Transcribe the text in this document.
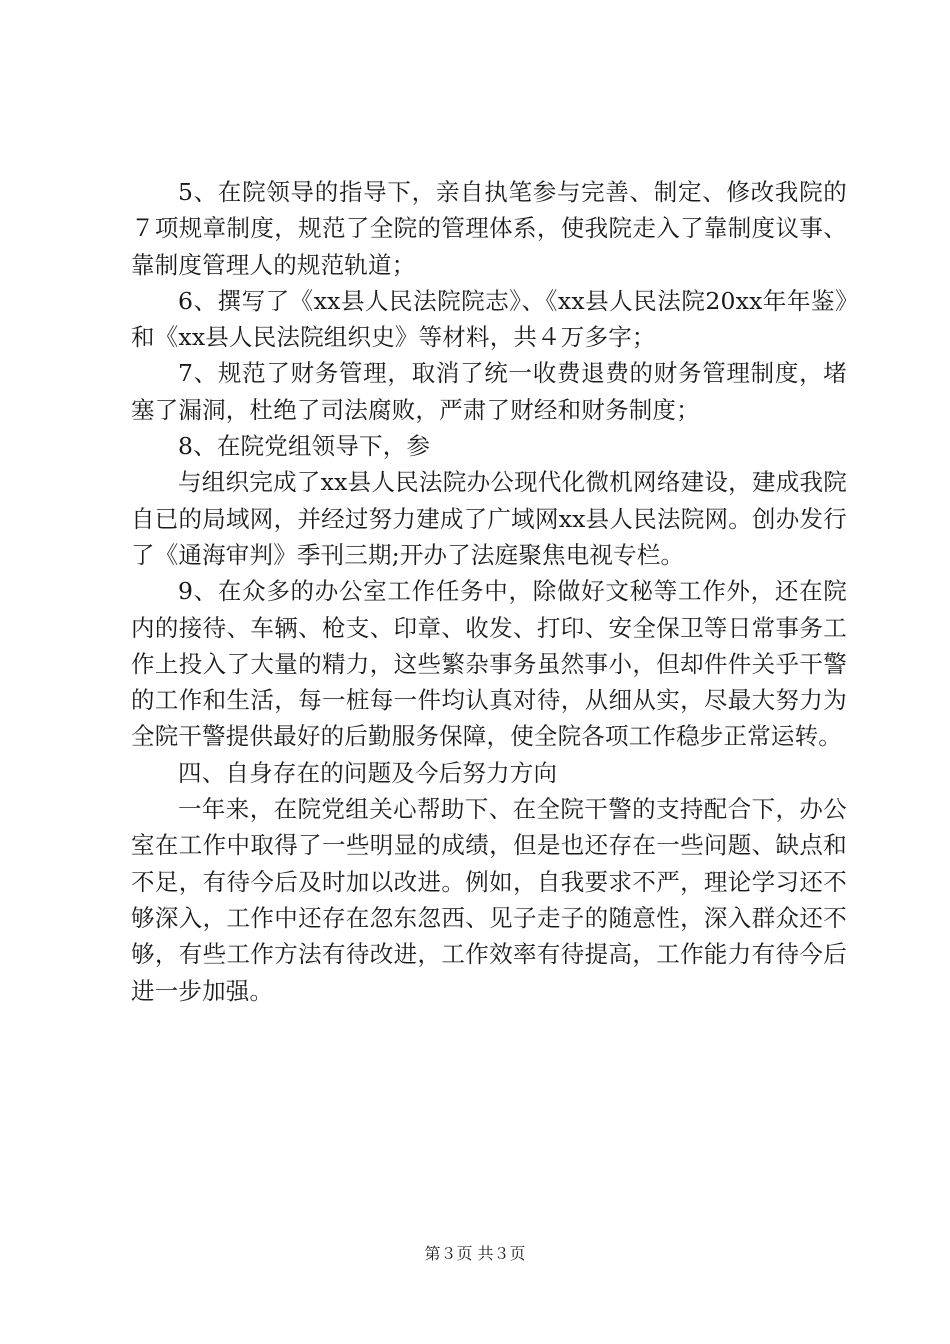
5、在院领导的指导下，亲自执笔参与完善、制定、修改我院的７项规章制度，规范了全院的管理体系，使我院走入了靠制度议事、靠制度管理人的规范轨道；

6、撰写了《xx县人民法院院志》、《xx县人民法院20xx年年鉴》和《xx县人民法院组织史》等材料，共４万多字；

7、规范了财务管理，取消了统一收费退费的财务管理制度，堵塞了漏洞，杜绝了司法腐败，严肃了财经和财务制度；

8、在院党组领导下，参

与组织完成了xx县人民法院办公现代化微机网络建设，建成我院自已的局域网，并经过努力建成了广域网xx县人民法院网。创办发行了《通海审判》季刊三期;开办了法庭聚焦电视专栏。

9、在众多的办公室工作任务中，除做好文秘等工作外，还在院内的接待、车辆、枪支、印章、收发、打印、安全保卫等日常事务工作上投入了大量的精力，这些繁杂事务虽然事小，但却件件关乎干警的工作和生活，每一桩每一件均认真对待，从细从实，尽最大努力为全院干警提供最好的后勤服务保障，使全院各项工作稳步正常运转。

四、自身存在的问题及今后努力方向

一年来，在院党组关心帮助下、在全院干警的支持配合下，办公室在工作中取得了一些明显的成绩，但是也还存在一些问题、缺点和不足，有待今后及时加以改进。例如，自我要求不严，理论学习还不够深入，工作中还存在忽东忽西、见子走子的随意性，深入群众还不够，有些工作方法有待改进，工作效率有待提高，工作能力有待今后进一步加强。

第３页 共３页
